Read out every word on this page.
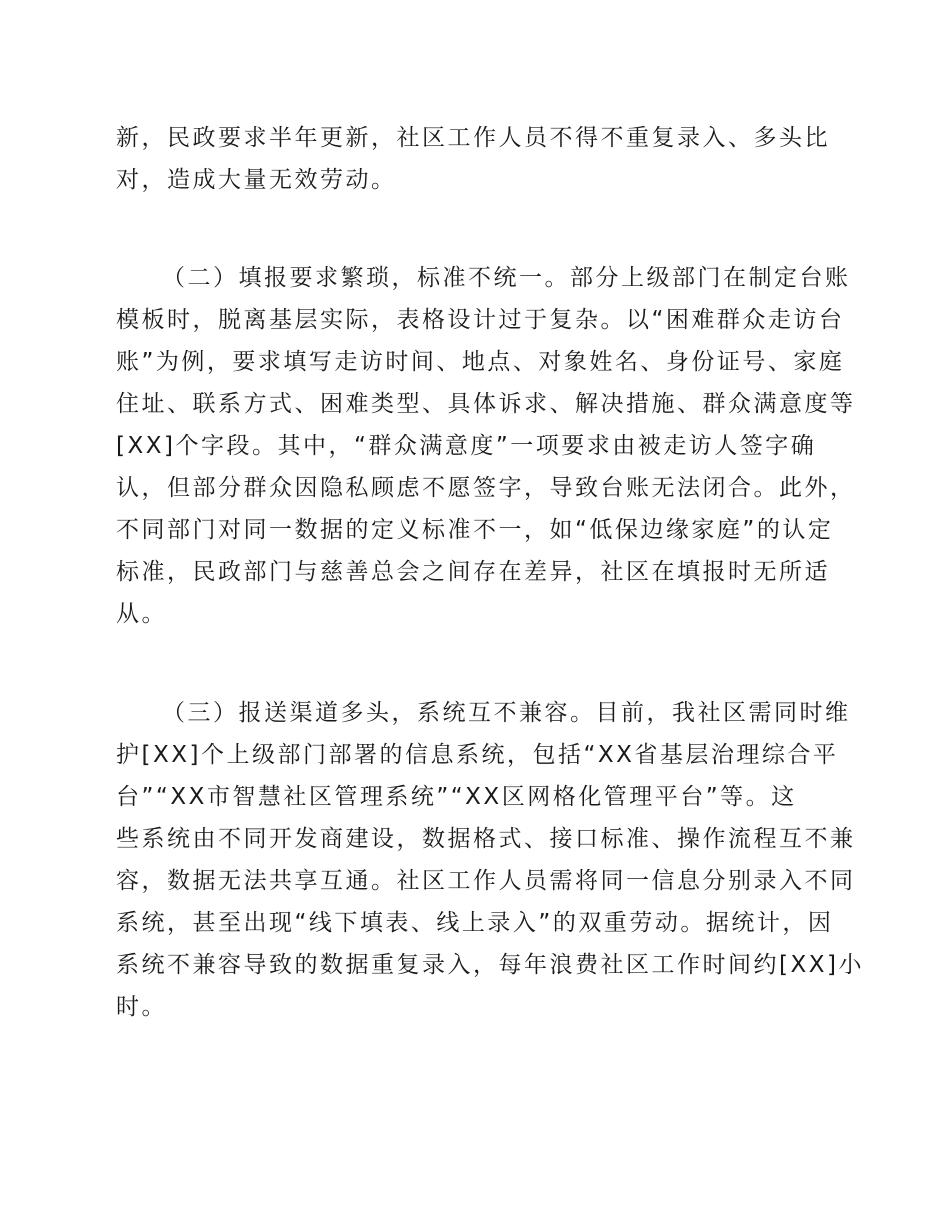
新，民政要求半年更新，社区工作人员不得不重复录入、多头比
对，造成大量无效劳动。
（二）填报要求繁琐，标准不统一。部分上级部门在制定台账
模板时，脱离基层实际，表格设计过于复杂。以“困难群众走访台
账”为例，要求填写走访时间、地点、对象姓名、身份证号、家庭
住址、联系方式、困难类型、具体诉求、解决措施、群众满意度等
[XX]个字段。其中，“群众满意度”一项要求由被走访人签字确
认，但部分群众因隐私顾虑不愿签字，导致台账无法闭合。此外，
不同部门对同一数据的定义标准不一，如“低保边缘家庭”的认定
标准，民政部门与慈善总会之间存在差异，社区在填报时无所适
从。
（三）报送渠道多头，系统互不兼容。目前，我社区需同时维
护[XX]个上级部门部署的信息系统，包括“XX省基层治理综合平
台”“XX市智慧社区管理系统”“XX区网格化管理平台”等。这
些系统由不同开发商建设，数据格式、接口标准、操作流程互不兼
容，数据无法共享互通。社区工作人员需将同一信息分别录入不同
系统，甚至出现“线下填表、线上录入”的双重劳动。据统计，因
系统不兼容导致的数据重复录入，每年浪费社区工作时间约[XX]小
时。
